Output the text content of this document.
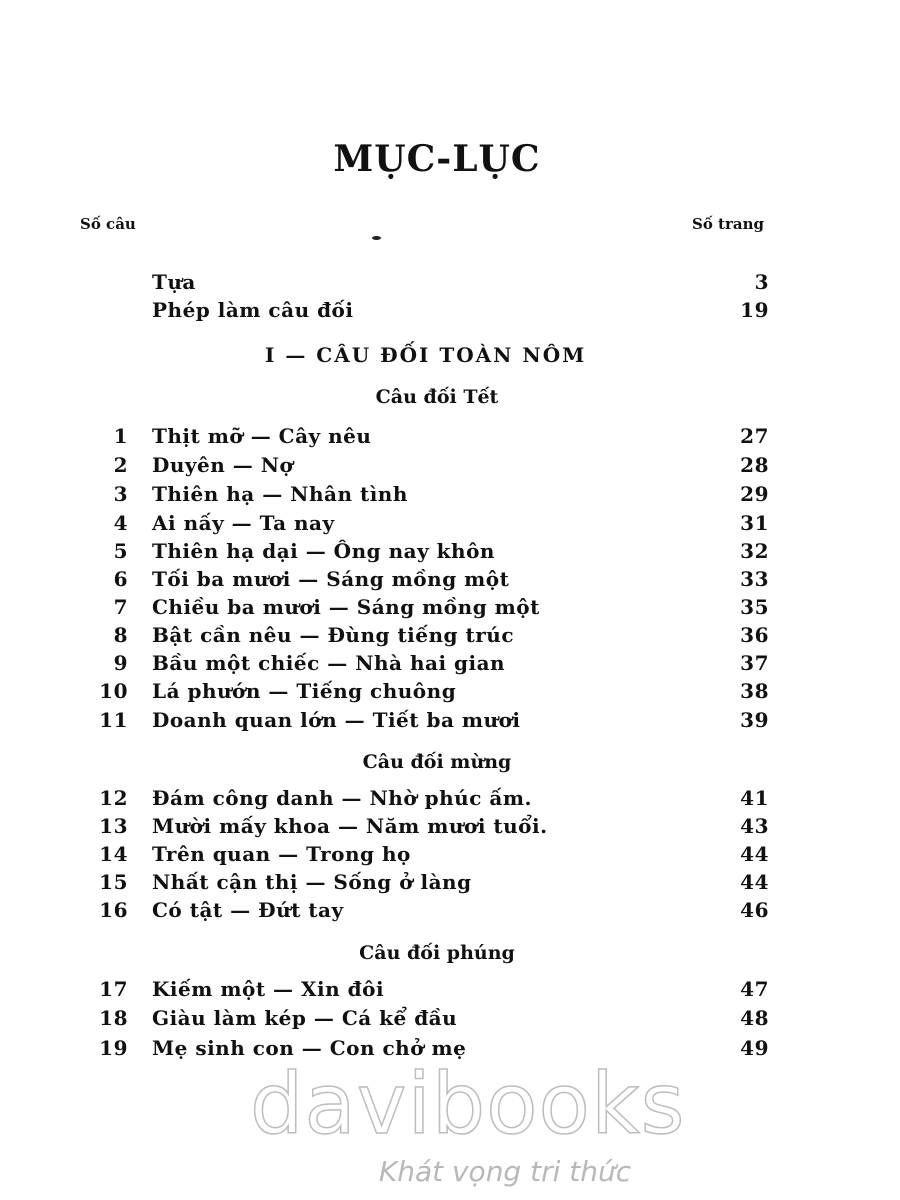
MỤC-LỤC
Số câu	Số trang
Tựa	3
Phép làm câu đối	19
I — CÂU ĐỐI TOÀN NÔM
Câu đối Tết
1 Thịt mỡ — Cây nêu	27
2 Duyên — Nợ	28
3 Thiên hạ — Nhân tình	29
4 Ai nấy — Ta nay	31
5 Thiên hạ dại — Ông nay khôn	32
6 Tối ba mươi — Sáng mồng một	33
7 Chiều ba mươi — Sáng mồng một	35
8 Bật cần nêu — Đùng tiếng trúc	36
9 Bầu một chiếc — Nhà hai gian	37
10 Lá phướn — Tiếng chuông	38
11 Doanh quan lớn — Tiết ba mươi	39
Câu đối mừng
12 Đám công danh — Nhờ phúc ấm.	41
13 Mười mấy khoa — Năm mươi tuổi.	43
14 Trên quan — Trong họ	44
15 Nhất cận thị — Sống ở làng	44
16 Có tật — Đứt tay	46
Câu đối phúng
17 Kiếm một — Xin đôi	47
18 Giàu làm kép — Cá kể đầu	48
19 Mẹ sinh con — Con chở mẹ	49
davibooks
Khát vọng tri thức
